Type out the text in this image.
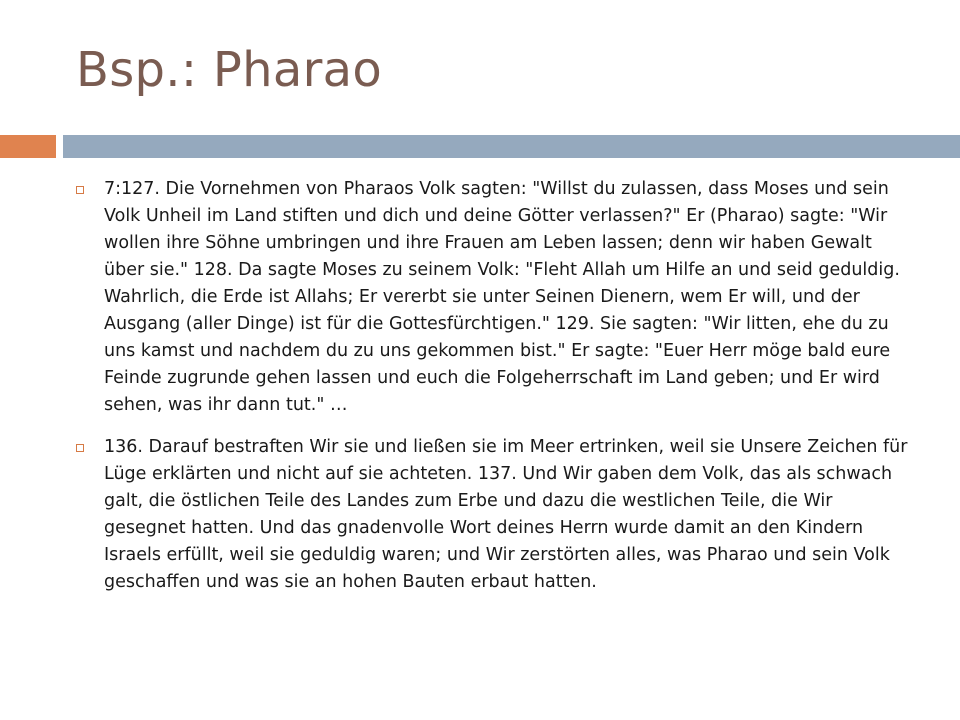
Bsp.: Pharao

7:127. Die Vornehmen von Pharaos Volk sagten: "Willst du zulassen, dass Moses und sein Volk Unheil im Land stiften und dich und deine Götter verlassen?" Er (Pharao) sagte: "Wir wollen ihre Söhne umbringen und ihre Frauen am Leben lassen; denn wir haben Gewalt über sie." 128. Da sagte Moses zu seinem Volk: "Fleht Allah um Hilfe an und seid geduldig. Wahrlich, die Erde ist Allahs; Er vererbt sie unter Seinen Dienern, wem Er will, und der Ausgang (aller Dinge) ist für die Gottesfürchtigen." 129. Sie sagten: "Wir litten, ehe du zu uns kamst und nachdem du zu uns gekommen bist." Er sagte: "Euer Herr möge bald eure Feinde zugrunde gehen lassen und euch die Folgeherrschaft im Land geben; und Er wird sehen, was ihr dann tut." …

136. Darauf bestraften Wir sie und ließen sie im Meer ertrinken, weil sie Unsere Zeichen für Lüge erklärten und nicht auf sie achteten. 137. Und Wir gaben dem Volk, das als schwach galt, die östlichen Teile des Landes zum Erbe und dazu die westlichen Teile, die Wir gesegnet hatten. Und das gnadenvolle Wort deines Herrn wurde damit an den Kindern Israels erfüllt, weil sie geduldig waren; und Wir zerstörten alles, was Pharao und sein Volk geschaffen und was sie an hohen Bauten erbaut hatten.
